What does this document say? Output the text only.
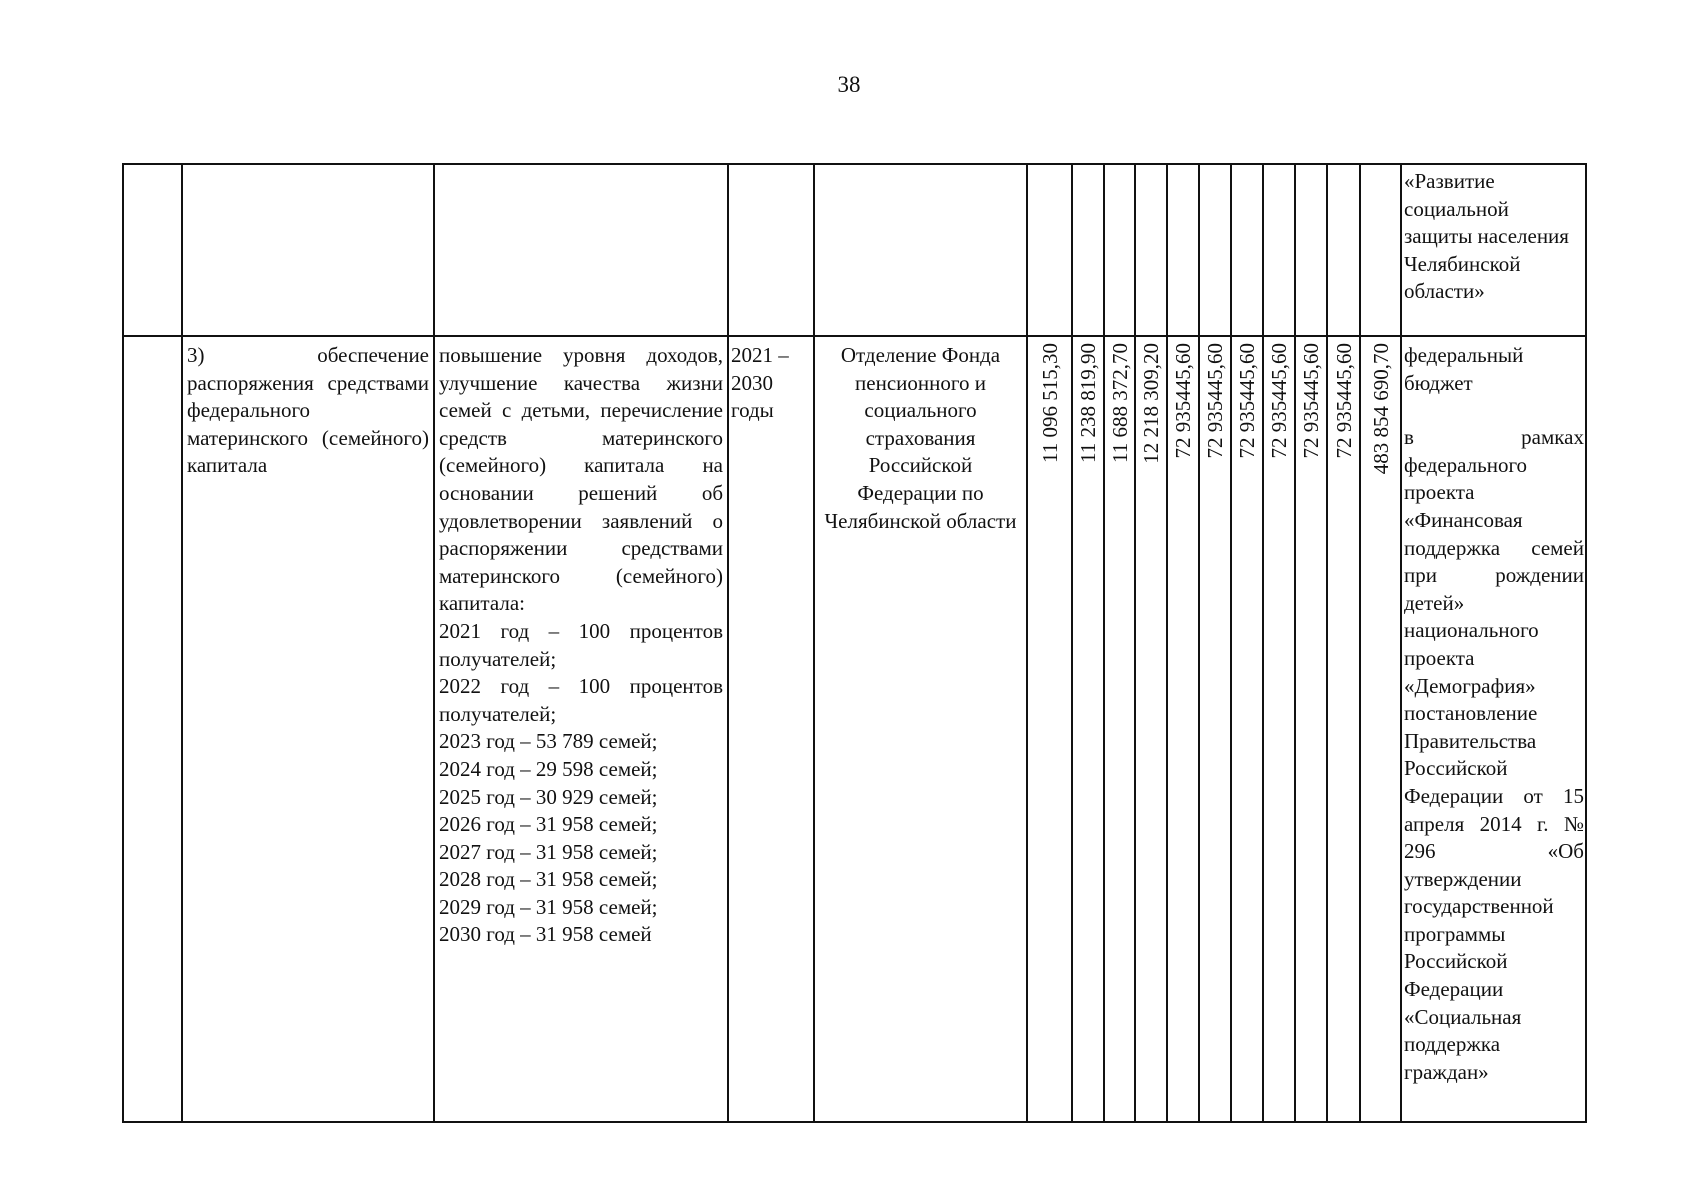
38
«Развитие социальной защиты населения Челябинской области»
3) обеспечение распоряжения средствами федерального материнского (семейного) капитала
повышение уровня доходов, улучшение качества жизни семей с детьми, перечисление средств материнского (семейного) капитала на основании решений об удовлетворении заявлений о распоряжении средствами материнского (семейного) капитала:
2021 год – 100 процентов получателей;
2022 год – 100 процентов получателей;
2023 год – 53 789 семей;
2024 год – 29 598 семей;
2025 год – 30 929 семей;
2026 год – 31 958 семей;
2027 год – 31 958 семей;
2028 год – 31 958 семей;
2029 год – 31 958 семей;
2030 год – 31 958 семей
2021 – 2030 годы
Отделение Фонда пенсионного и социального страхования Российской Федерации по Челябинской области
11 096 515,30 11 238 819,90 11 688 372,70 12 218 309,20 72 935445,60 72 935445,60 72 935445,60 72 935445,60 72 935445,60 72 935445,60 483 854 690,70 федеральный бюджет
в рамках федерального проекта «Финансовая поддержка семей при рождении детей» национального проекта «Демография» постановление Правительства Российской Федерации от 15 апреля 2014 г. № 296 «Об утверждении государственной программы Российской Федерации «Социальная поддержка граждан»
